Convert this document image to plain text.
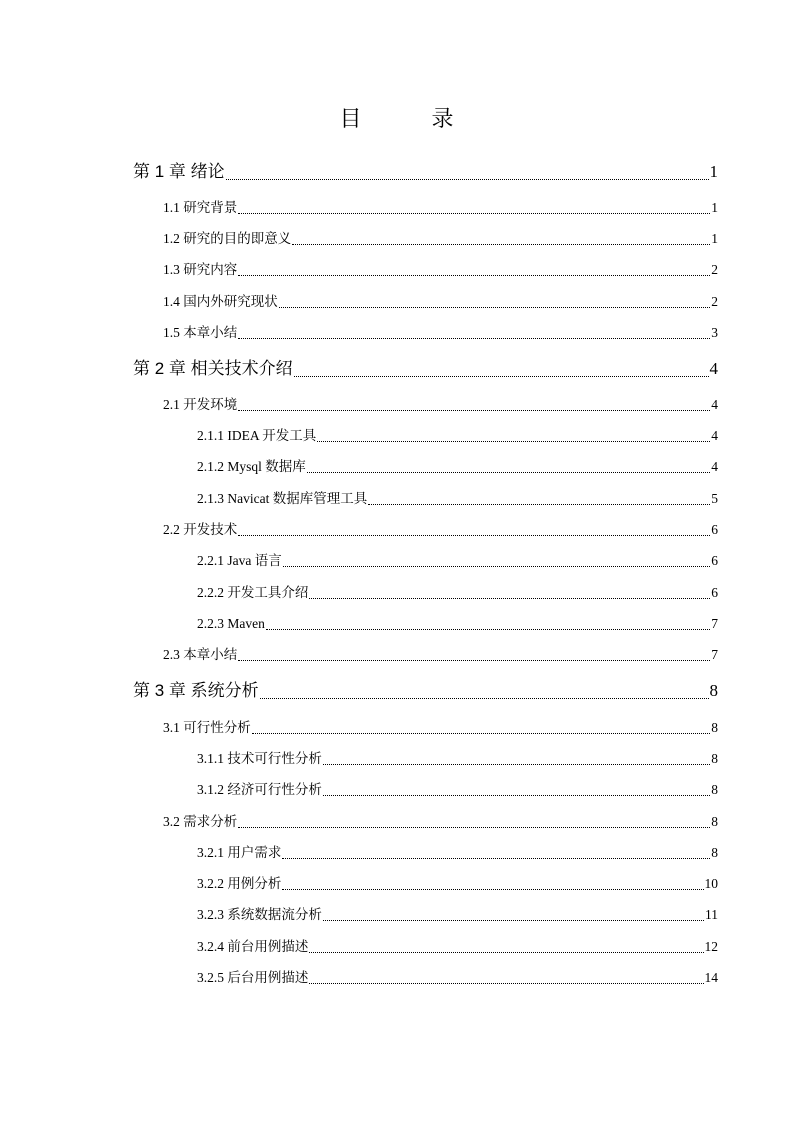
目　录
第 1 章 绪论	1
1.1 研究背景	1
1.2 研究的目的即意义	1
1.3 研究内容	2
1.4 国内外研究现状	2
1.5 本章小结	3
第 2 章 相关技术介绍	4
2.1 开发环境	4
2.1.1 IDEA 开发工具	4
2.1.2 Mysql 数据库	4
2.1.3 Navicat 数据库管理工具	5
2.2 开发技术	6
2.2.1 Java 语言	6
2.2.2 开发工具介绍	6
2.2.3 Maven	7
2.3 本章小结	7
第 3 章 系统分析	8
3.1 可行性分析	8
3.1.1 技术可行性分析	8
3.1.2 经济可行性分析	8
3.2 需求分析	8
3.2.1 用户需求	8
3.2.2 用例分析	10
3.2.3 系统数据流分析	11
3.2.4 前台用例描述	12
3.2.5 后台用例描述	14
